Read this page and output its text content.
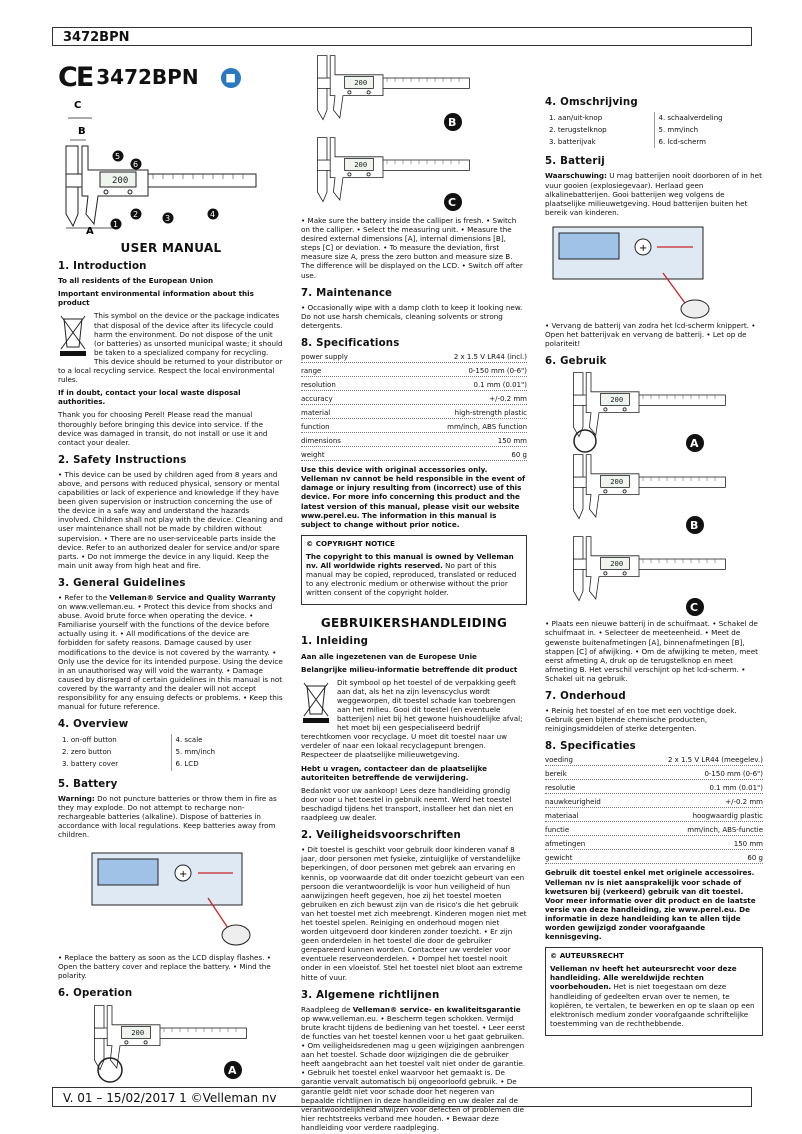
3472BPN
CE 3472BPN	■
C
B
A
5
6
1
2	3	4
USER MANUAL
1. Introduction

To all residents of the European Union

Important environmental information about this product

This symbol on the device or the package indicates that disposal of the device after its lifecycle could harm the environment. Do not dispose of the unit (or batteries) as unsorted municipal waste; it should be taken to a specialized company for recycling. This device should be returned to your distributor or to a local recycling service. Respect the local environmental rules.

If in doubt, contact your local waste disposal authorities.

Thank you for choosing Perel! Please read the manual thoroughly before bringing this device into service. If the device was damaged in transit, do not install or use it and contact your dealer.

2. Safety Instructions

• This device can be used by children aged from 8 years and above, and persons with reduced physical, sensory or mental capabilities or lack of experience and knowledge if they have been given supervision or instruction concerning the use of the device in a safe way and understand the hazards involved. Children shall not play with the device. Cleaning and user maintenance shall not be made by children without supervision. • There are no user-serviceable parts inside the device. Refer to an authorized dealer for service and/or spare parts. • Do not immerge the device in any liquid. Keep the main unit away from high heat and fire.

3. General Guidelines

• Refer to the Velleman® Service and Quality Warranty on www.velleman.eu. • Protect this device from shocks and abuse. Avoid brute force when operating the device. • Familiarise yourself with the functions of the device before actually using it. • All modifications of the device are forbidden for safety reasons. Damage caused by user modifications to the device is not covered by the warranty. • Only use the device for its intended purpose. Using the device in an unauthorised way will void the warranty. • Damage caused by disregard of certain guidelines in this manual is not covered by the warranty and the dealer will not accept responsibility for any ensuing defects or problems. • Keep this manual for future reference.

4. Overview
1. on-off button	4. scale
2. zero button	5. mm/inch
3. battery cover	6. LCD
5. Battery

Warning: Do not puncture batteries or throw them in fire as they may explode. Do not attempt to recharge non-rechargeable batteries (alkaline). Dispose of batteries in accordance with local regulations. Keep batteries away from children.

+

• Replace the battery as soon as the LCD display flashes. • Open the battery cover and replace the battery. • Mind the polarity.

6. Operation
A
B
C

• Make sure the battery inside the calliper is fresh. • Switch on the calliper. • Select the measuring unit. • Measure the desired external dimensions [A], internal dimensions [B], steps [C] or deviation. • To measure the deviation, first measure size A, press the zero button and measure size B. The difference will be displayed on the LCD. • Switch off after use.

7. Maintenance

• Occasionally wipe with a damp cloth to keep it looking new. Do not use harsh chemicals, cleaning solvents or strong detergents.

8. Specifications
power supply	2 x 1.5 V LR44 (incl.)
range	0-150 mm (0-6")
resolution	0.1 mm (0.01")
accuracy	+/-0.2 mm
material	high-strength plastic
function	mm/inch, ABS function
dimensions	150 mm
weight	60 g

Use this device with original accessories only. Velleman nv cannot be held responsible in the event of damage or injury resulting from (incorrect) use of this device. For more info concerning this product and the latest version of this manual, please visit our website www.perel.eu. The information in this manual is subject to change without prior notice.

© COPYRIGHT NOTICE

The copyright to this manual is owned by Velleman nv. All worldwide rights reserved. No part of this manual may be copied, reproduced, translated or reduced to any electronic medium or otherwise without the prior written consent of the copyright holder.

GEBRUIKERSHANDLEIDING
1. Inleiding

Aan alle ingezetenen van de Europese Unie

Belangrijke milieu-informatie betreffende dit product

Dit symbool op het toestel of de verpakking geeft aan dat, als het na zijn levenscyclus wordt weggeworpen, dit toestel schade kan toebrengen aan het milieu. Gooi dit toestel (en eventuele batterijen) niet bij het gewone huishoudelijke afval; het moet bij een gespecialiseerd bedrijf terechtkomen voor recyclage. U moet dit toestel naar uw verdeler of naar een lokaal recyclagepunt brengen. Respecteer de plaatselijke milieuwetgeving.

Hebt u vragen, contacteer dan de plaatselijke autoriteiten betreffende de verwijdering.

Bedankt voor uw aankoop! Lees deze handleiding grondig door voor u het toestel in gebruik neemt. Werd het toestel beschadigd tijdens het transport, installeer het dan niet en raadpleeg uw dealer.

2. Veiligheidsvoorschriften

• Dit toestel is geschikt voor gebruik door kinderen vanaf 8 jaar, door personen met fysieke, zintuiglijke of verstandelijke beperkingen, of door personen met gebrek aan ervaring en kennis, op voorwaarde dat dit onder toezicht gebeurt van een persoon die verantwoordelijk is voor hun veiligheid of hun aanwijzingen heeft gegeven, hoe zij het toestel moeten gebruiken en zich bewust zijn van de risico's die het gebruik van het toestel met zich meebrengt. Kinderen mogen niet met het toestel spelen. Reiniging en onderhoud mogen niet worden uitgevoerd door kinderen zonder toezicht. • Er zijn geen onderdelen in het toestel die door de gebruiker gerepareerd kunnen worden. Contacteer uw verdeler voor eventuele reserveonderdelen. • Dompel het toestel nooit onder in een vloeistof. Stel het toestel niet bloot aan extreme hitte of vuur.

3. Algemene richtlijnen

Raadpleeg de Velleman® service- en kwaliteitsgarantie op www.velleman.eu. • Bescherm tegen schokken. Vermijd brute kracht tijdens de bediening van het toestel. • Leer eerst de functies van het toestel kennen voor u het gaat gebruiken. • Om veiligheidsredenen mag u geen wijzigingen aanbrengen aan het toestel. Schade door wijzigingen die de gebruiker heeft aangebracht aan het toestel valt niet onder de garantie. • Gebruik het toestel enkel waarvoor het gemaakt is. De garantie vervalt automatisch bij ongeoorloofd gebruik. • De garantie geldt niet voor schade door het negeren van bepaalde richtlijnen in deze handleiding en uw dealer zal de verantwoordelijkheid afwijzen voor defecten of problemen die hier rechtstreeks verband mee houden. • Bewaar deze handleiding voor verdere raadpleging.

4. Omschrijving
1. aan/uit-knop	4. schaalverdeling
2. terugstelknop	5. mm/inch
3. batterijvak	6. lcd-scherm
5. Batterij

Waarschuwing: U mag batterijen nooit doorboren of in het vuur gooien (explosiegevaar). Herlaad geen alkalinebatterijen. Gooi batterijen weg volgens de plaatselijke milieuwetgeving. Houd batterijen buiten het bereik van kinderen.

+

• Vervang de batterij van zodra het lcd-scherm knippert. • Open het batterijvak en vervang de batterij. • Let op de polariteit!

6. Gebruik
A
B
C

• Plaats een nieuwe batterij in de schuifmaat. • Schakel de schuifmaat in. • Selecteer de meeteenheid. • Meet de gewenste buitenafmetingen [A], binnenafmetingen [B], stappen [C] of afwijking. • Om de afwijking te meten, meet eerst afmeting A, druk op de terugstelknop en meet afmeting B. Het verschil verschijnt op het lcd-scherm. • Schakel uit na gebruik.

7. Onderhoud

• Reinig het toestel af en toe met een vochtige doek. Gebruik geen bijtende chemische producten, reinigingsmiddelen of sterke detergenten.

8. Specificaties
voeding	2 x 1.5 V LR44 (meegelev.)
bereik	0-150 mm (0-6")
resolutie	0.1 mm (0.01")
nauwkeurigheid	+/-0.2 mm
materiaal	hoogwaardig plastic
functie	mm/inch, ABS-functie
afmetingen	150 mm
gewicht	60 g

Gebruik dit toestel enkel met originele accessoires. Velleman nv is niet aansprakelijk voor schade of kwetsuren bij (verkeerd) gebruik van dit toestel. Voor meer informatie over dit product en de laatste versie van deze handleiding, zie www.perel.eu. De informatie in deze handleiding kan te allen tijde worden gewijzigd zonder voorafgaande kennisgeving.

© AUTEURSRECHT

Velleman nv heeft het auteursrecht voor deze handleiding. Alle wereldwijde rechten voorbehouden. Het is niet toegestaan om deze handleiding of gedeelten ervan over te nemen, te kopiëren, te vertalen, te bewerken en op te slaan op een elektronisch medium zonder voorafgaande schriftelijke toestemming van de rechthebbende.

V. 01 – 15/02/2017 1 ©Velleman nv
